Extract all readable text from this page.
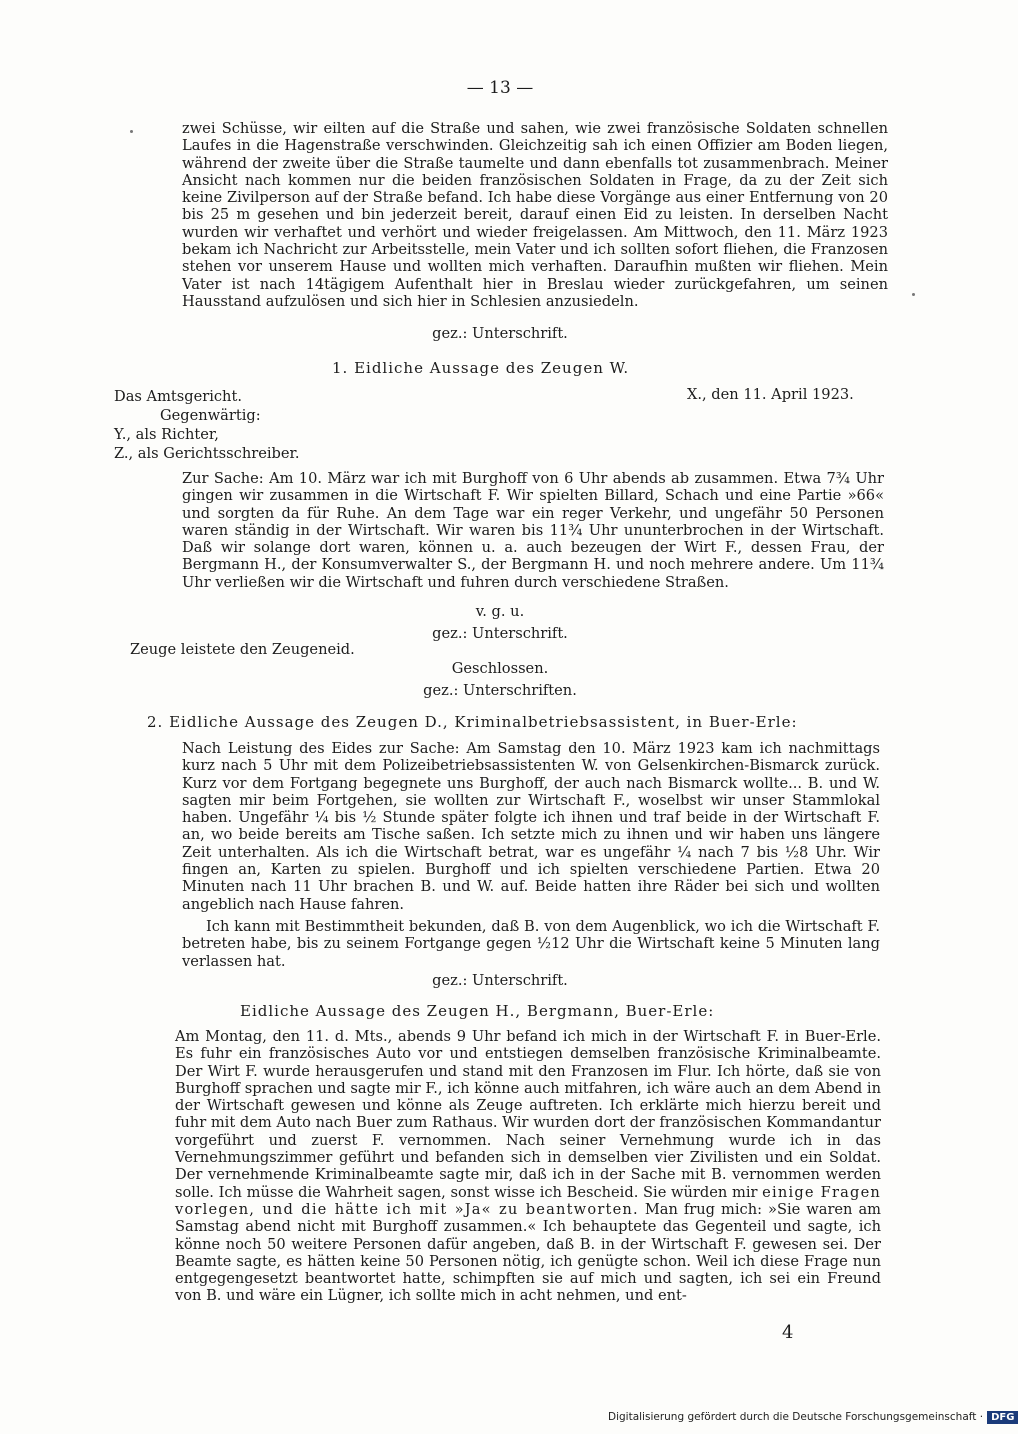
— 13 —
zwei Schüsse, wir eilten auf die Straße und sahen, wie zwei französische Soldaten schnellen Laufes in die Hagenstraße verschwinden. Gleichzeitig sah ich einen Offizier am Boden liegen, während der zweite über die Straße taumelte und dann ebenfalls tot zusammenbrach. Meiner Ansicht nach kommen nur die beiden französischen Soldaten in Frage, da zu der Zeit sich keine Zivilperson auf der Straße befand. Ich habe diese Vorgänge aus einer Entfernung von 20 bis 25 m gesehen und bin jederzeit bereit, darauf einen Eid zu leisten. In derselben Nacht wurden wir verhaftet und verhört und wieder freigelassen. Am Mittwoch, den 11. März 1923 bekam ich Nachricht zur Arbeitsstelle, mein Vater und ich sollten sofort fliehen, die Franzosen stehen vor unserem Hause und wollten mich verhaften. Daraufhin mußten wir fliehen. Mein Vater ist nach 14tägigem Aufenthalt hier in Breslau wieder zurückgefahren, um seinen Hausstand aufzulösen und sich hier in Schlesien anzusiedeln.
gez.: Unterschrift.
1. Eidliche Aussage des Zeugen W.
Das Amtsgericht.	X., den 11. April 1923.
Gegenwärtig:
Y., als Richter,
Z., als Gerichtsschreiber.
Zur Sache: Am 10. März war ich mit Burghoff von 6 Uhr abends ab zusammen. Etwa 7¾ Uhr gingen wir zusammen in die Wirtschaft F. Wir spielten Billard, Schach und eine Partie »66« und sorgten da für Ruhe. An dem Tage war ein reger Verkehr, und ungefähr 50 Personen waren ständig in der Wirtschaft. Wir waren bis 11¾ Uhr ununterbrochen in der Wirtschaft. Daß wir solange dort waren, können u. a. auch bezeugen der Wirt F., dessen Frau, der Bergmann H., der Konsumverwalter S., der Bergmann H. und noch mehrere andere. Um 11¾ Uhr verließen wir die Wirtschaft und fuhren durch verschiedene Straßen.
v. g. u.
gez.: Unterschrift.
Zeuge leistete den Zeugeneid.
Geschlossen.
gez.: Unterschriften.
2. Eidliche Aussage des Zeugen D., Kriminalbetriebsassistent, in Buer-Erle:
Nach Leistung des Eides zur Sache: Am Samstag den 10. März 1923 kam ich nachmittags kurz nach 5 Uhr mit dem Polizeibetriebsassistenten W. von Gelsenkirchen-Bismarck zurück. Kurz vor dem Fortgang begegnete uns Burghoff, der auch nach Bismarck wollte... B. und W. sagten mir beim Fortgehen, sie wollten zur Wirtschaft F., woselbst wir unser Stammlokal haben. Ungefähr ¼ bis ½ Stunde später folgte ich ihnen und traf beide in der Wirtschaft F. an, wo beide bereits am Tische saßen. Ich setzte mich zu ihnen und wir haben uns längere Zeit unterhalten. Als ich die Wirtschaft betrat, war es ungefähr ¼ nach 7 bis ½8 Uhr. Wir fingen an, Karten zu spielen. Burghoff und ich spielten verschiedene Partien. Etwa 20 Minuten nach 11 Uhr brachen B. und W. auf. Beide hatten ihre Räder bei sich und wollten angeblich nach Hause fahren.
Ich kann mit Bestimmtheit bekunden, daß B. von dem Augenblick, wo ich die Wirtschaft F. betreten habe, bis zu seinem Fortgange gegen ½12 Uhr die Wirtschaft keine 5 Minuten lang verlassen hat.
gez.: Unterschrift.
Eidliche Aussage des Zeugen H., Bergmann, Buer-Erle:
Am Montag, den 11. d. Mts., abends 9 Uhr befand ich mich in der Wirtschaft F. in Buer-Erle. Es fuhr ein französisches Auto vor und entstiegen demselben französische Kriminalbeamte. Der Wirt F. wurde herausgerufen und stand mit den Franzosen im Flur. Ich hörte, daß sie von Burghoff sprachen und sagte mir F., ich könne auch mitfahren, ich wäre auch an dem Abend in der Wirtschaft gewesen und könne als Zeuge auftreten. Ich erklärte mich hierzu bereit und fuhr mit dem Auto nach Buer zum Rathaus. Wir wurden dort der französischen Kommandantur vorgeführt und zuerst F. vernommen. Nach seiner Vernehmung wurde ich in das Vernehmungszimmer geführt und befanden sich in demselben vier Zivilisten und ein Soldat. Der vernehmende Kriminalbeamte sagte mir, daß ich in der Sache mit B. vernommen werden solle. Ich müsse die Wahrheit sagen, sonst wisse ich Bescheid. Sie würden mir einige Fragen vorlegen, und die hätte ich mit »Ja« zu beantworten. Man frug mich: »Sie waren am Samstag abend nicht mit Burghoff zusammen.« Ich behauptete das Gegenteil und sagte, ich könne noch 50 weitere Personen dafür angeben, daß B. in der Wirtschaft F. gewesen sei. Der Beamte sagte, es hätten keine 50 Personen nötig, ich genügte schon. Weil ich diese Frage nun entgegengesetzt beantwortet hatte, schimpften sie auf mich und sagten, ich sei ein Freund von B. und wäre ein Lügner, ich sollte mich in acht nehmen, und ent-
4
Digitalisierung gefördert durch die Deutsche Forschungsgemeinschaft · DFG
